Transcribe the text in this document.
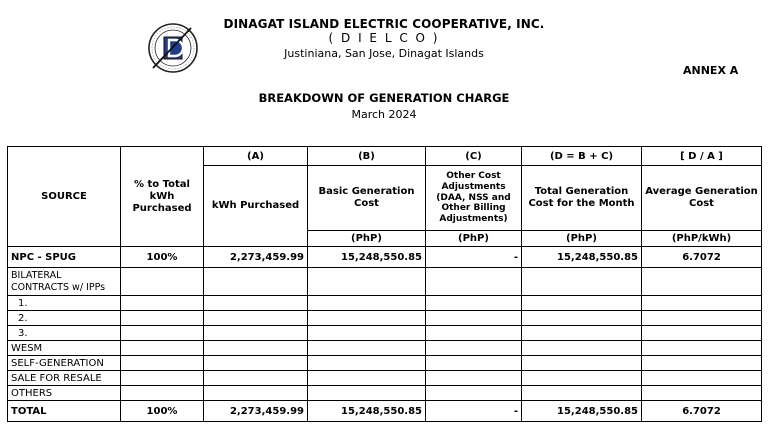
DINAGAT ISLAND ELECTRIC COOPERATIVE, INC.
( D I E L C O )
Justiniana, San Jose, Dinagat Islands
ANNEX A
BREAKDOWN OF GENERATION CHARGE
March 2024
SOURCE	% to Total kWh Purchased	(A)	(B)	(C)	(D = B + C)	[ D / A ]
		kWh Purchased	Basic Generation Cost	Other Cost Adjustments (DAA, NSS and Other Billing Adjustments)	Total Generation Cost for the Month	Average Generation Cost
			(PhP)	(PhP)	(PhP)	(PhP/kWh)
NPC - SPUG	100%	2,273,459.99	15,248,550.85	-	15,248,550.85	6.7072
BILATERAL CONTRACTS w/ IPPs						
1.						
2.						
3.						
WESM						
SELF-GENERATION						
SALE FOR RESALE						
OTHERS						
TOTAL	100%	2,273,459.99	15,248,550.85	-	15,248,550.85	6.7072
